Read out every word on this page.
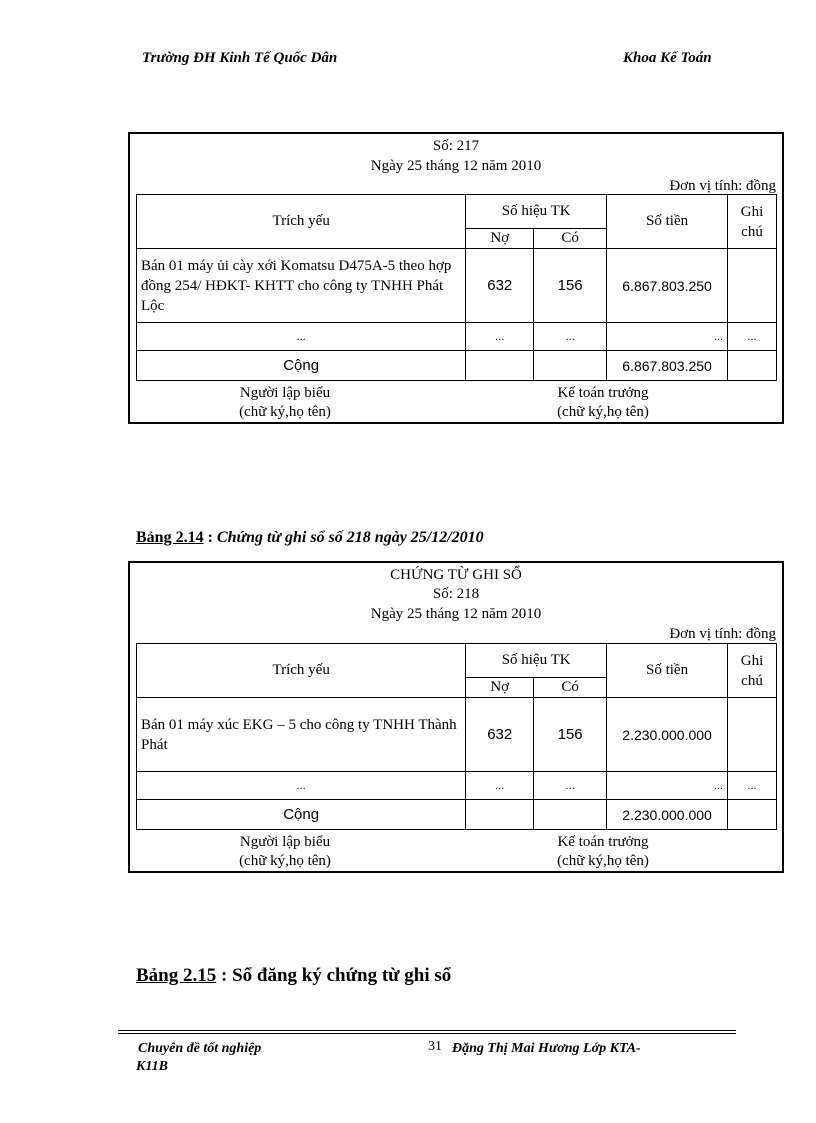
Trường ĐH Kinh Tế Quốc Dân	Khoa Kế Toán
Số: 217
Ngày 25 tháng 12 năm 2010
Đơn vị tính: đồng
Trích yếu	Số hiệu TK		Số tiền	Ghi chú
	Nợ	Có		
Bán 01 máy ủi cày xới Komatsu D475A-5 theo hợp đồng 254/ HĐKT- KHTT cho công ty TNHH Phát Lộc	632	156	6.867.803.250	
...	...	...	...	...
Cộng			6.867.803.250	
Người lập biểu
(chữ ký,họ tên)
Kế toán trưởng
(chữ ký,họ tên)
Bảng 2.14 : Chứng từ ghi sổ số 218 ngày 25/12/2010
CHỨNG TỪ GHI SỔ
Số: 218
Ngày 25 tháng 12 năm 2010
Đơn vị tính: đồng
Trích yếu	Số hiệu TK		Số tiền	Ghi chú
	Nợ	Có		
Bán 01 máy xúc EKG – 5 cho công ty TNHH Thành Phát	632	156	2.230.000.000	
...	...	...	...	...
Cộng			2.230.000.000	
Người lập biểu
(chữ ký,họ tên)
Kế toán trưởng
(chữ ký,họ tên)
Bảng 2.15 : Sổ đăng ký chứng từ ghi sổ
Chuyên đề tốt nghiệp	31 Đặng Thị Mai Hương Lớp KTA-
K11B
